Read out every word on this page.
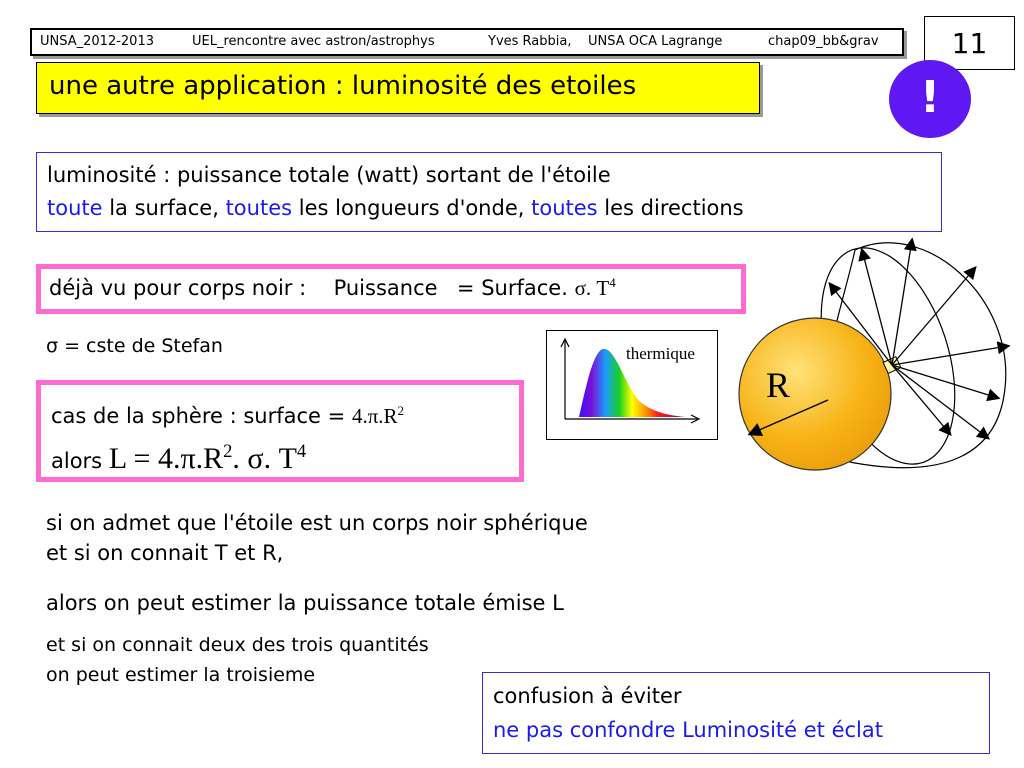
UNSA_2012-2013	UEL_rencontre avec astron/astrophys	Yves Rabbia, UNSA OCA Lagrange	chap09_bb&grav	11
!
une autre application : luminosité des etoiles
luminosité : puissance totale (watt) sortant de l'étoile
toute la surface, toutes les longueurs d'onde, toutes les directions
déjà vu pour corps noir : Puissance = Surface. σ. $T^4$
σ = cste de Stefan
cas de la sphère : surface = $4.\pi.R^2$
alors $L = 4.\pi.R^2$. σ. $T^4$
thermique
R
si on admet que l'étoile est un corps noir sphérique
et si on connait T et R,
alors on peut estimer la puissance totale émise L
et si on connait deux des trois quantités
on peut estimer la troisieme
confusion à éviter
ne pas confondre Luminosité et éclat
